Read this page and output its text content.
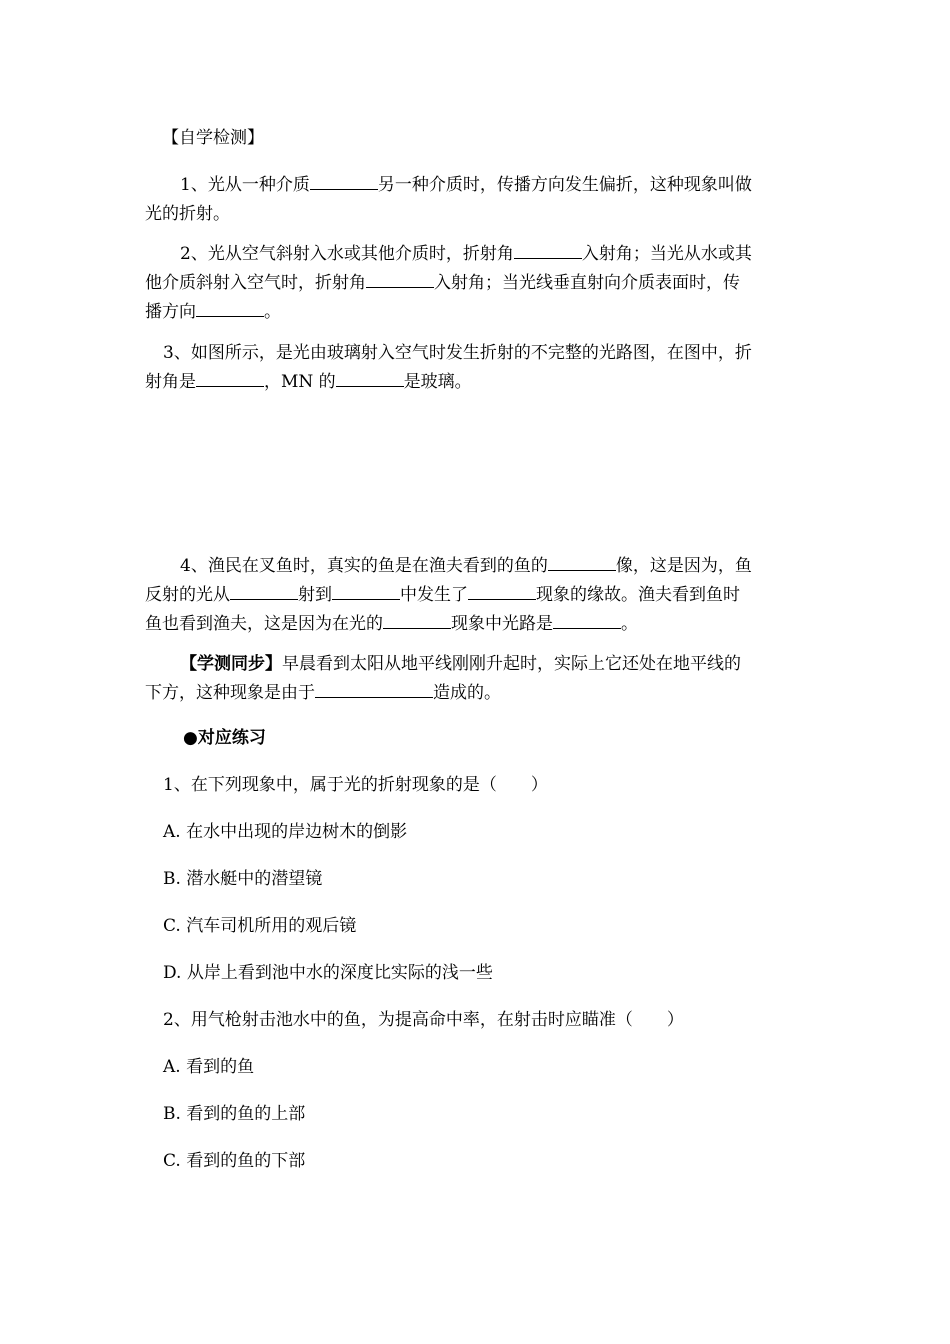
【自学检测】
1、光从一种介质	另一种介质时，传播方向发生偏折，这种现象叫做
光的折射。
2、光从空气斜射入水或其他介质时，折射角	入射角；当光从水或其
他介质斜射入空气时，折射角	入射角；当光线垂直射向介质表面时，传
播方向	。
3、如图所示，是光由玻璃射入空气时发生折射的不完整的光路图，在图中，折
射角是	，MN 的	是玻璃。
4、渔民在叉鱼时，真实的鱼是在渔夫看到的鱼的	像，这是因为，鱼
反射的光从	射到	中发生了	现象的缘故。渔夫看到鱼时
鱼也看到渔夫，这是因为在光的	现象中光路是	。
【学测同步】早晨看到太阳从地平线刚刚升起时，实际上它还处在地平线的
下方，这种现象是由于	造成的。
●对应练习
1、在下列现象中，属于光的折射现象的是（　　）
A. 在水中出现的岸边树木的倒影
B. 潜水艇中的潜望镜
C. 汽车司机所用的观后镜
D. 从岸上看到池中水的深度比实际的浅一些
2、用气枪射击池水中的鱼，为提高命中率，在射击时应瞄准（　　）
A. 看到的鱼
B. 看到的鱼的上部
C. 看到的鱼的下部
